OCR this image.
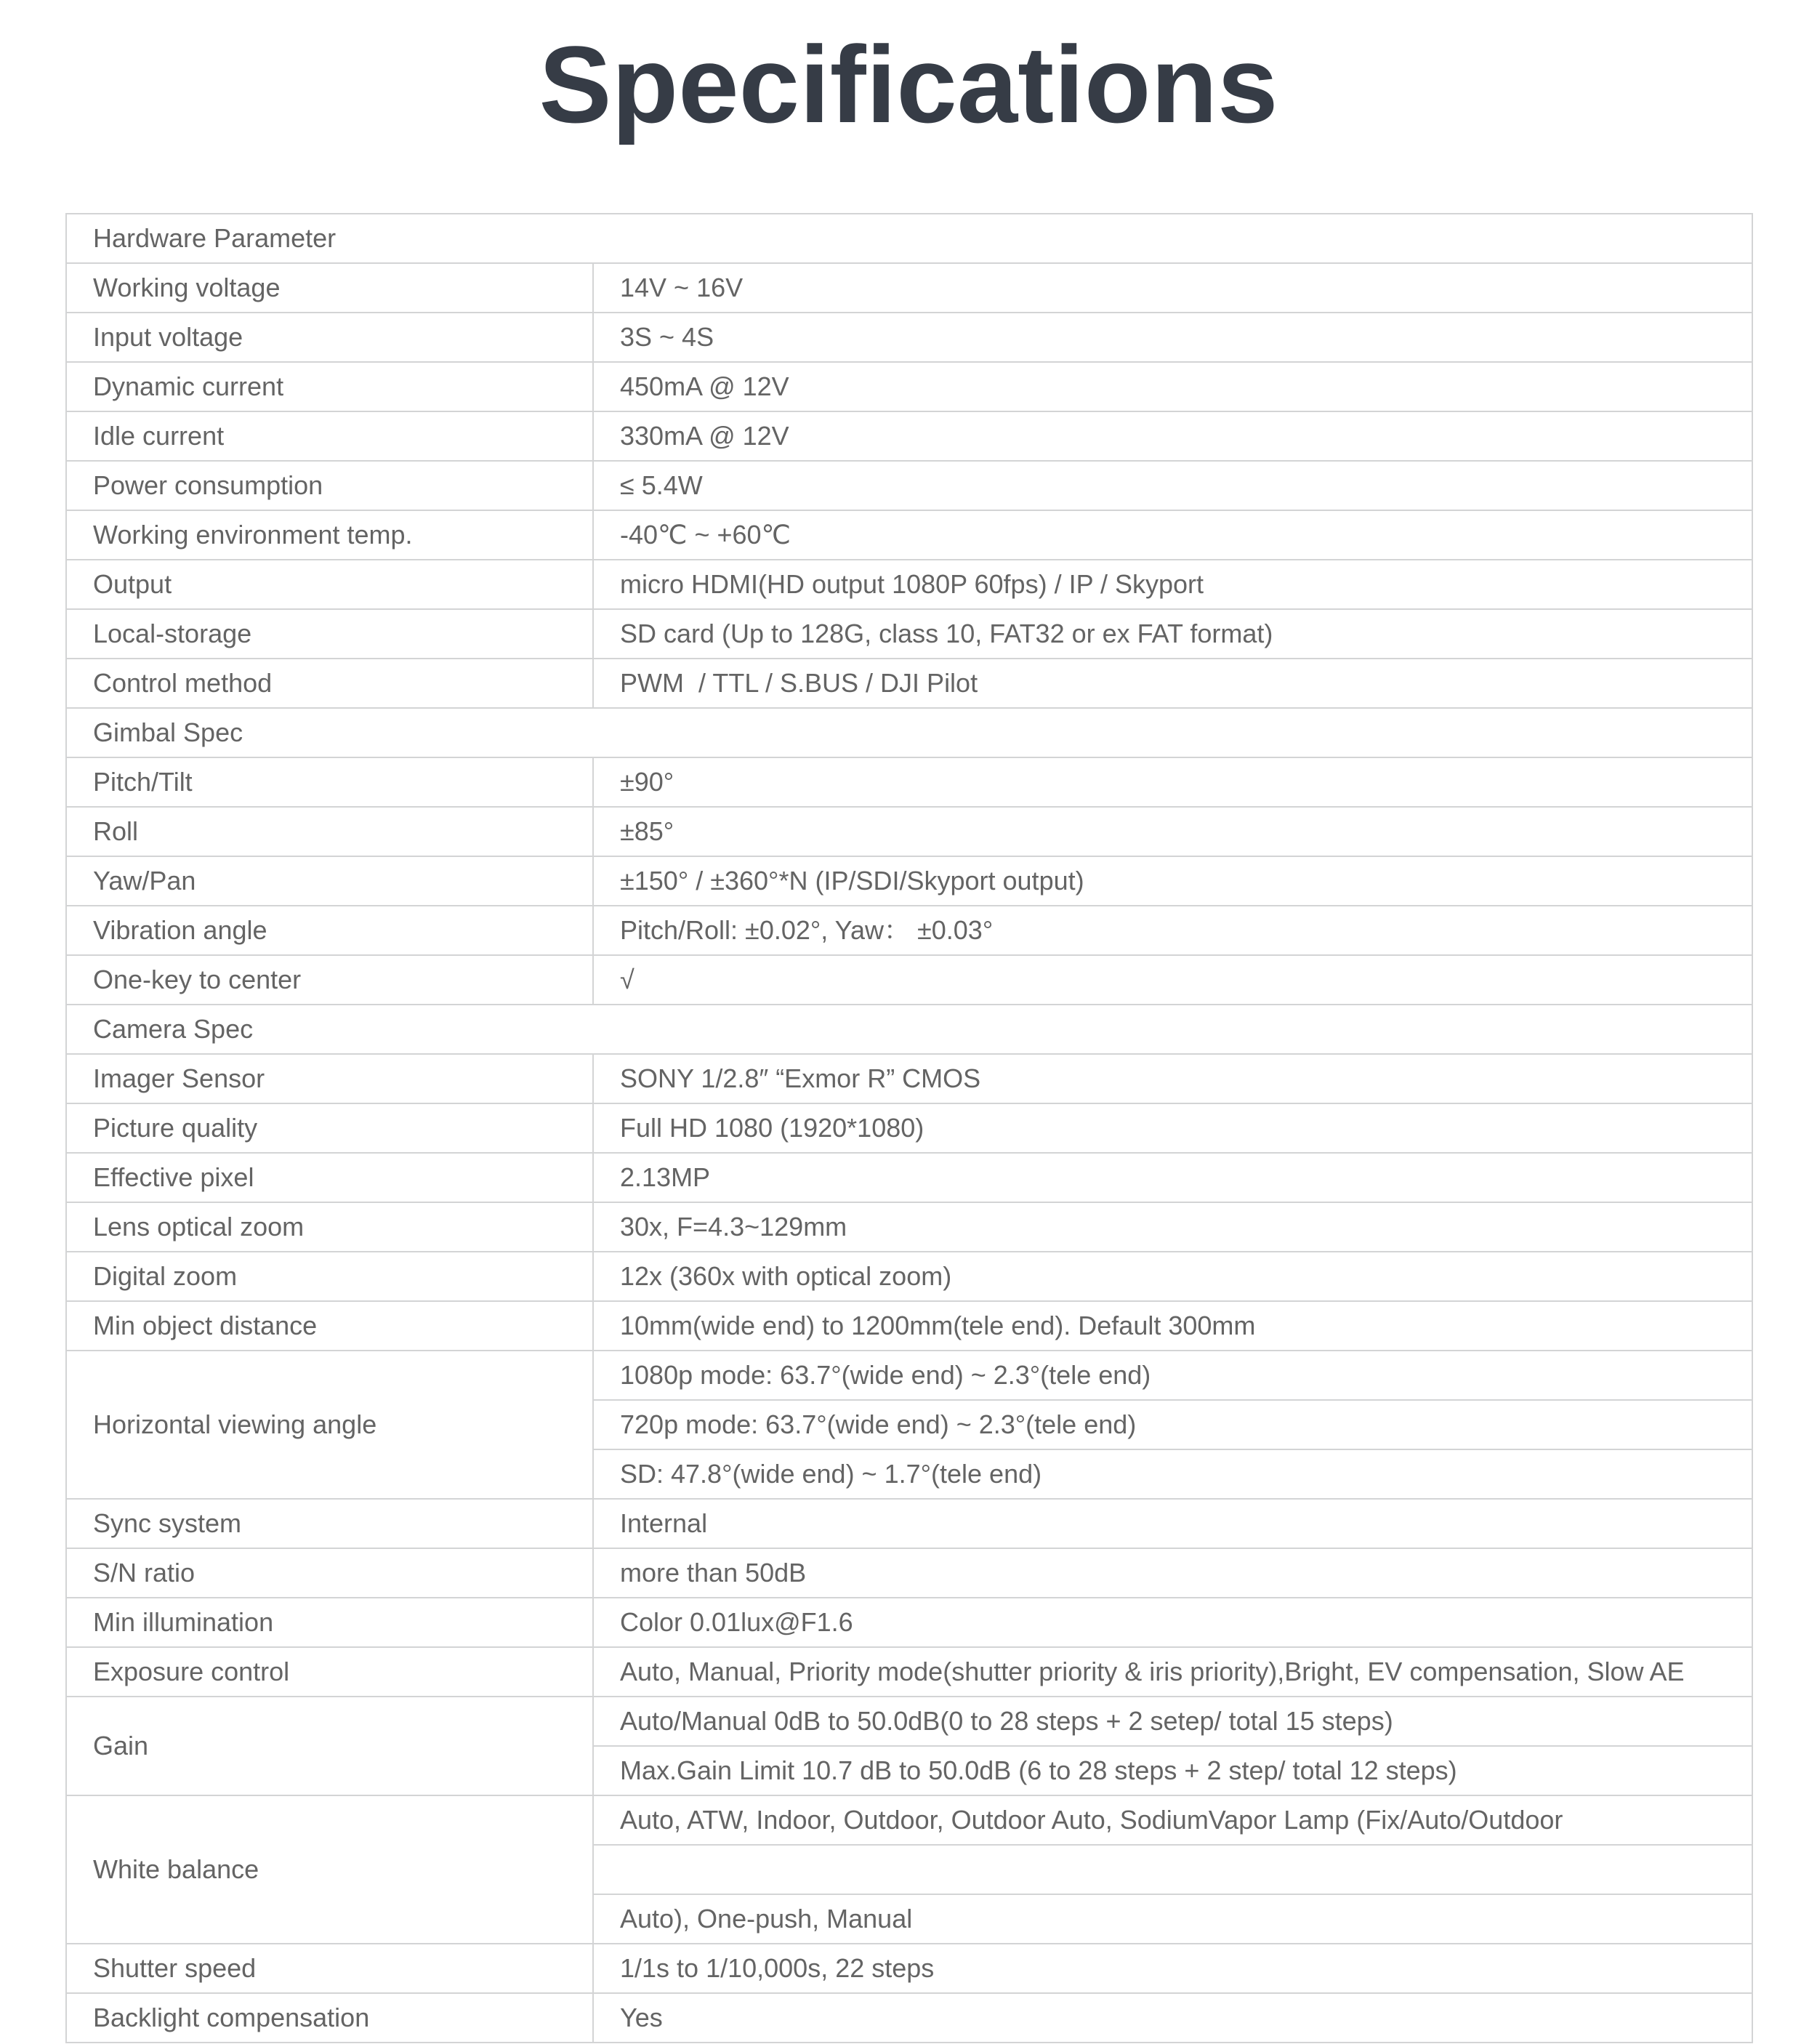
Specifications
Hardware Parameter	
Working voltage	14V ~ 16V
Input voltage	3S ~ 4S
Dynamic current	450mA @ 12V
Idle current	330mA @ 12V
Power consumption	≤ 5.4W
Working environment temp.	-40℃ ~ +60℃
Output	micro HDMI(HD output 1080P 60fps) / IP / Skyport
Local-storage	SD card (Up to 128G, class 10, FAT32 or ex FAT format)
Control method	PWM  / TTL / S.BUS / DJI Pilot
Gimbal Spec	
Pitch/Tilt	±90°
Roll	±85°
Yaw/Pan	±150° / ±360°*N (IP/SDI/Skyport output)
Vibration angle	Pitch/Roll: ±0.02°, Yaw： ±0.03°
One-key to center	√
Camera Spec	
Imager Sensor	SONY 1/2.8″ “Exmor R” CMOS
Picture quality	Full HD 1080 (1920*1080)
Effective pixel	2.13MP
Lens optical zoom	30x, F=4.3~129mm
Digital zoom	12x (360x with optical zoom)
Min object distance	10mm(wide end) to 1200mm(tele end). Default 300mm
Horizontal viewing angle	1080p mode: 63.7°(wide end) ~ 2.3°(tele end)
	720p mode: 63.7°(wide end) ~ 2.3°(tele end)
	SD: 47.8°(wide end) ~ 1.7°(tele end)
Sync system	Internal
S/N ratio	more than 50dB
Min illumination	Color 0.01lux@F1.6
Exposure control	Auto, Manual, Priority mode(shutter priority & iris priority),Bright, EV compensation, Slow AE
Gain	Auto/Manual 0dB to 50.0dB(0 to 28 steps + 2 setep/ total 15 steps)
	Max.Gain Limit 10.7 dB to 50.0dB (6 to 28 steps + 2 step/ total 12 steps)
White balance	Auto, ATW, Indoor, Outdoor, Outdoor Auto, SodiumVapor Lamp (Fix/Auto/Outdoor

	Auto), One-push, Manual
Shutter speed	1/1s to 1/10,000s, 22 steps
Backlight compensation	Yes
